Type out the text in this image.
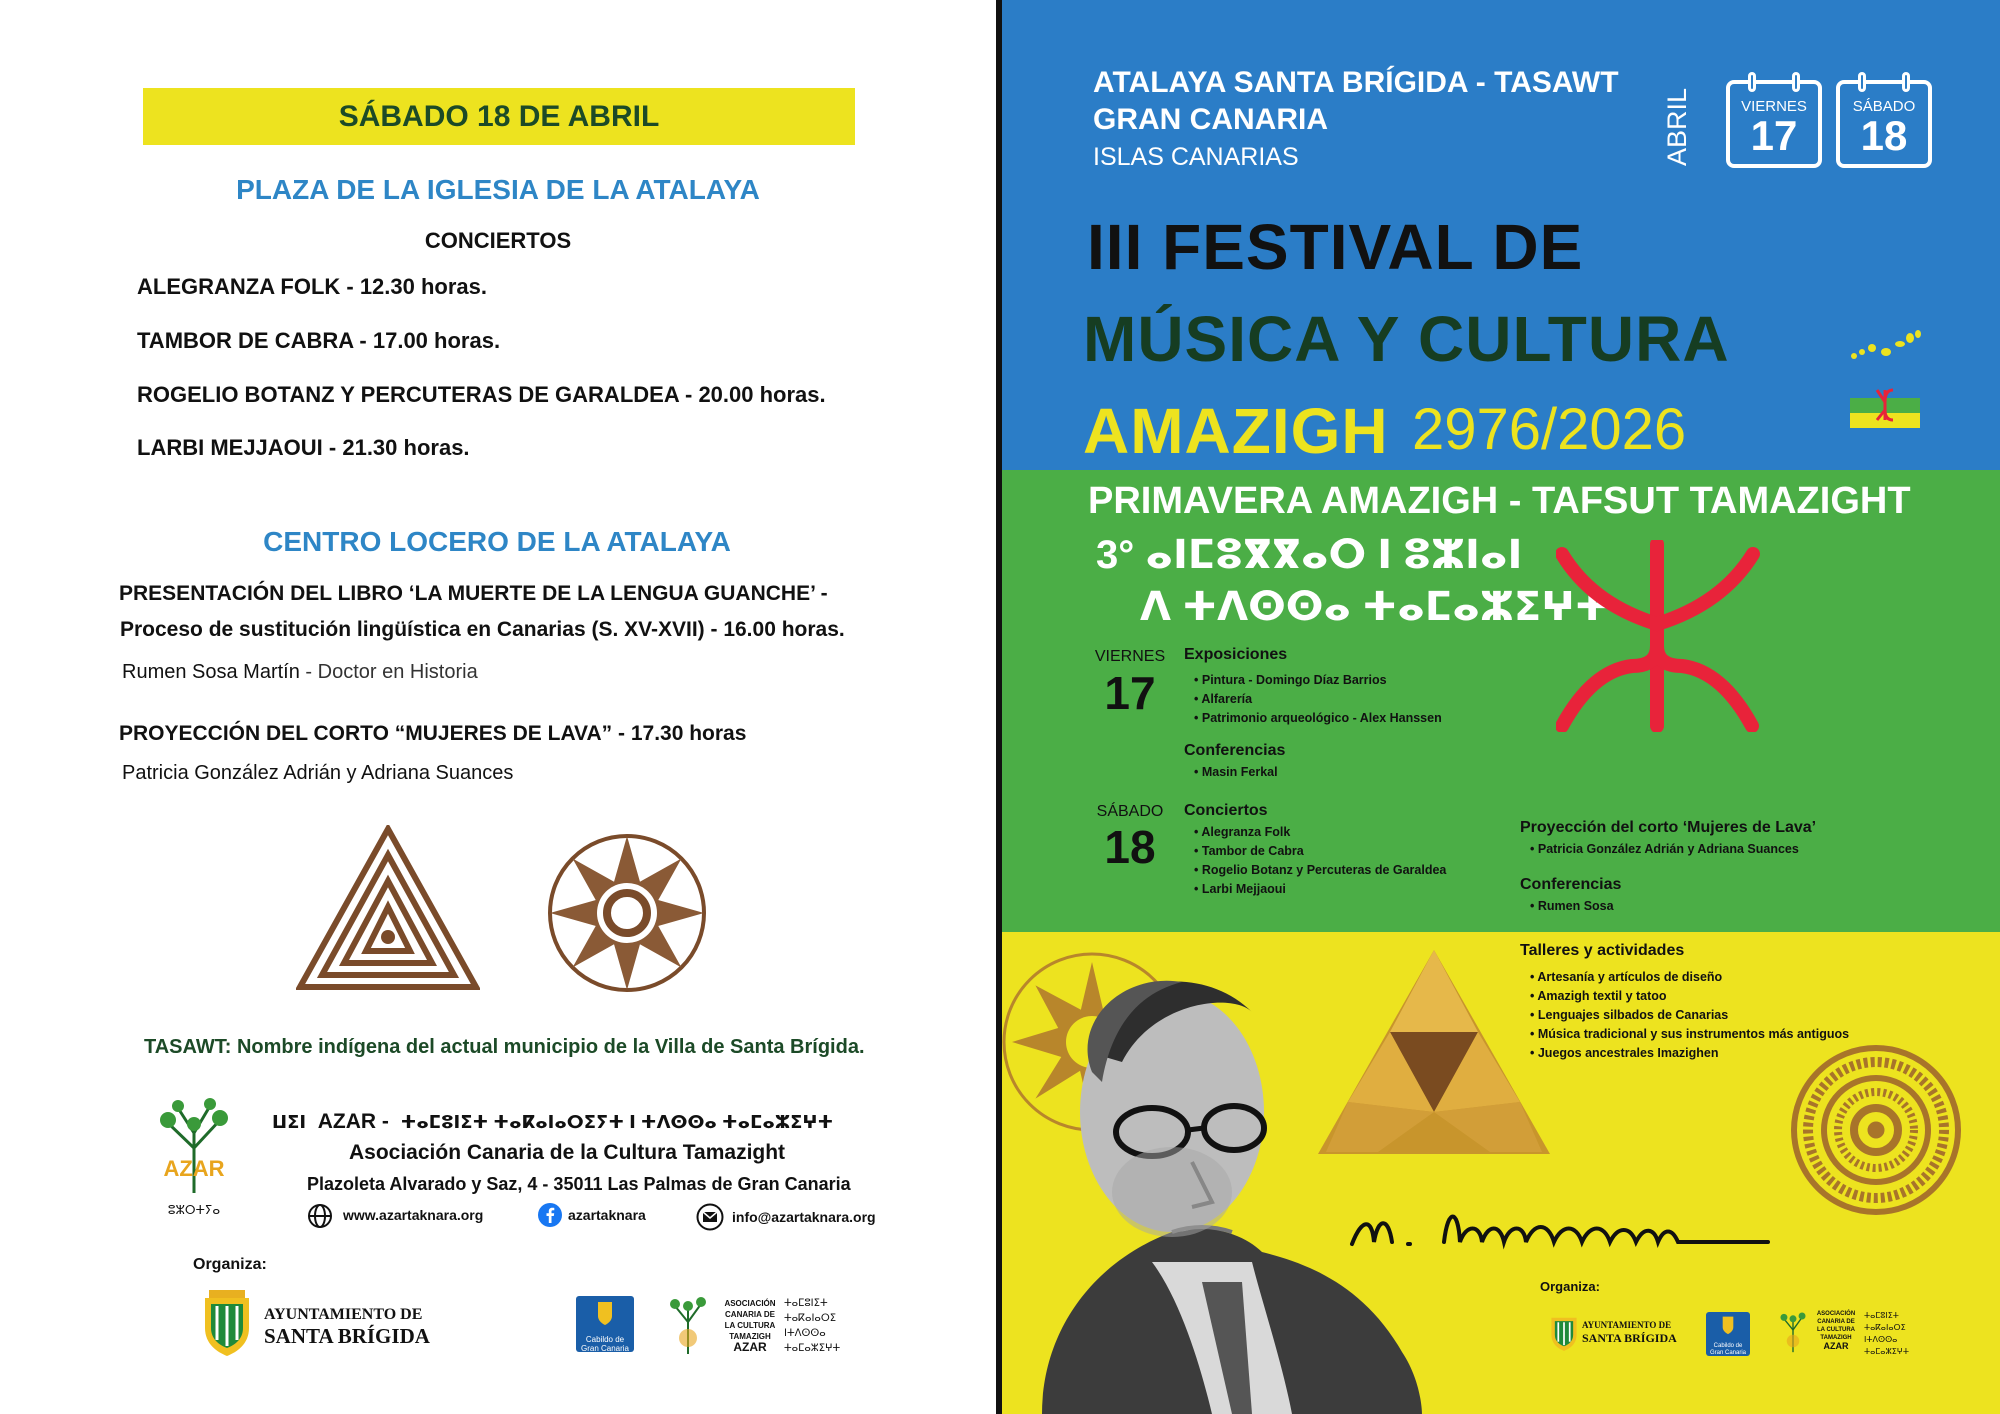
SÁBADO 18 DE ABRIL
PLAZA DE LA IGLESIA DE LA ATALAYA
CONCIERTOS
ALEGRANZA FOLK - 12.30 horas.
TAMBOR DE CABRA - 17.00 horas.
ROGELIO BOTANZ Y PERCUTERAS DE GARALDEA - 20.00 horas.
LARBI MEJJAOUI - 21.30 horas.
CENTRO LOCERO DE LA ATALAYA
PRESENTACIÓN DEL LIBRO ‘LA MUERTE DE LA LENGUA GUANCHE’ -
Proceso de sustitución lingüística en Canarias (S. XV-XVII) - 16.00 horas.
Rumen Sosa Martín - Doctor en Historia
PROYECCIÓN DEL CORTO “MUJERES DE LAVA” - 17.30 horas
Patricia González Adrián y Adriana Suances
TASAWT: Nombre indígena del actual municipio de la Villa de Santa Brígida.
AZAR
ⵓⵣⵔⵜⵢⴰ
ⵡⵉⵏ AZAR - ⵜⴰⵎⵓⵏⵉⵜ ⵜⴰⴽⴰⵏⴰⵔⵉⵢⵜ ⵏ ⵜⴷⵙⵙⴰ ⵜⴰⵎⴰⵣⵉⵖⵜ
Asociación Canaria de la Cultura Tamazight
Plazoleta Alvarado y Saz, 4 - 35011 Las Palmas de Gran Canaria
www.azartaknara.org	azartaknara	info@azartaknara.org
Organiza:
AYUNTAMIENTO DE
SANTA BRÍGIDA	Cabildo de
Gran Canaria
ASOCIACIÓN
CANARIA DE
LA CULTURA
TAMAZIGH
AZAR
ⵜⴰⵎⵓⵏⵉⵜ
ⵜⴰⴽⴰⵏⴰⵔⵉ
ⵏⵜⴷⵙⵙⴰ
ⵜⴰⵎⴰⵣⵉⵖⵜ
ATALAYA SANTA BRÍGIDA - TASAWT
GRAN CANARIA
ISLAS CANARIAS	ABRIL	VIERNES
17
SÁBADO
18
III FESTIVAL DE
MÚSICA Y CULTURA
AMAZIGH 2976/2026
PRIMAVERA AMAZIGH - TAFSUT TAMAZIGHT
3° ⴰⵏⵎⵓⴳⴳⴰⵔ ⵏ ⵓⵣⵏⴰⵏ
ⴷ ⵜⴷⵙⵙⴰ ⵜⴰⵎⴰⵣⵉⵖⵜ
VIERNES
17
Exposiciones
• Pintura - Domingo Díaz Barrios
• Alfarería
• Patrimonio arqueológico - Alex Hanssen
Conferencias
• Masin Ferkal
SÁBADO
18
Conciertos
• Alegranza Folk
• Tambor de Cabra
• Rogelio Botanz y Percuteras de Garaldea
• Larbi Mejjaoui
Proyección del corto ‘Mujeres de Lava’
• Patricia González Adrián y Adriana Suances
Conferencias
• Rumen Sosa
Talleres y actividades
• Artesanía y artículos de diseño
• Amazigh textil y tatoo
• Lenguajes silbados de Canarias
• Música tradicional y sus instrumentos más antiguos
• Juegos ancestrales Imazighen
Organiza:
AYUNTAMIENTO DE
SANTA BRÍGIDA
Cabildo de
Gran Canaria
ASOCIACIÓN
CANARIA DE
LA CULTURA
TAMAZIGH
AZAR
ⵜⴰⵎⵓⵏⵉⵜ
ⵜⴰⴽⴰⵏⴰⵔⵉ
ⵏⵜⴷⵙⵙⴰ
ⵜⴰⵎⴰⵣⵉⵖⵜ
